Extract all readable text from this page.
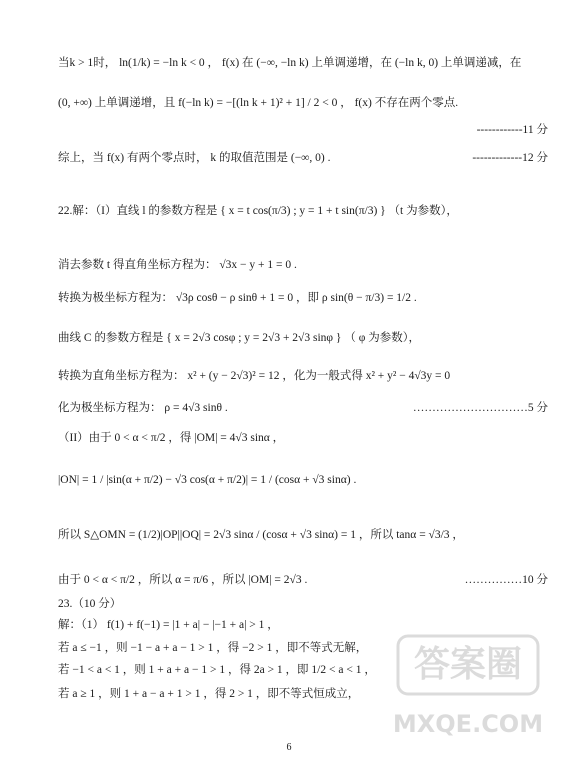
当k > 1时， ln(1/k) = −ln k < 0 ， f(x) 在 (−∞, −ln k) 上单调递增，在 (−ln k, 0) 上单调递减，在
(0, +∞) 上单调递增，且 f(−ln k) = −[(ln k + 1)² + 1] / 2 < 0 ， f(x) 不存在两个零点.
------------11 分
综上，当 f(x) 有两个零点时， k 的取值范围是 (−∞, 0) .	-------------12 分
22.解：（I）直线 l 的参数方程是 { x = t cos(π/3) ; y = 1 + t sin(π/3) } （t 为参数），
消去参数 t 得直角坐标方程为： √3x − y + 1 = 0 .
转换为极坐标方程为： √3ρ cosθ − ρ sinθ + 1 = 0 ，即 ρ sin(θ − π/3) = 1/2 .
曲线 C 的参数方程是 { x = 2√3 cosφ ; y = 2√3 + 2√3 sinφ } （ φ 为参数），
转换为直角坐标方程为： x² + (y − 2√3)² = 12 ，化为一般式得 x² + y² − 4√3y = 0
化为极坐标方程为： ρ = 4√3 sinθ .	…………………………5 分
（II）由于 0 < α < π/2 ，得 |OM| = 4√3 sinα ，
|ON| = 1 / |sin(α + π/2) − √3 cos(α + π/2)| = 1 / (cosα + √3 sinα) .
所以 S△OMN = (1/2)|OP||OQ| = 2√3 sinα / (cosα + √3 sinα) = 1 ，所以 tanα = √3/3 ，
由于 0 < α < π/2 ，所以 α = π/6 ，所以 |OM| = 2√3 .	……………10 分
23.（10 分）
解：（1） f(1) + f(−1) = |1 + a| − |−1 + a| > 1 ，
若 a ≤ −1 ，则 −1 − a + a − 1 > 1 ，得 −2 > 1 ，即不等式无解，
若 −1 < a < 1 ，则 1 + a + a − 1 > 1 ，得 2a > 1 ，即 1/2 < a < 1 ，
若 a ≥ 1 ，则 1 + a − a + 1 > 1 ，得 2 > 1 ，即不等式恒成立，
6
答案圈
MXQE.COM
